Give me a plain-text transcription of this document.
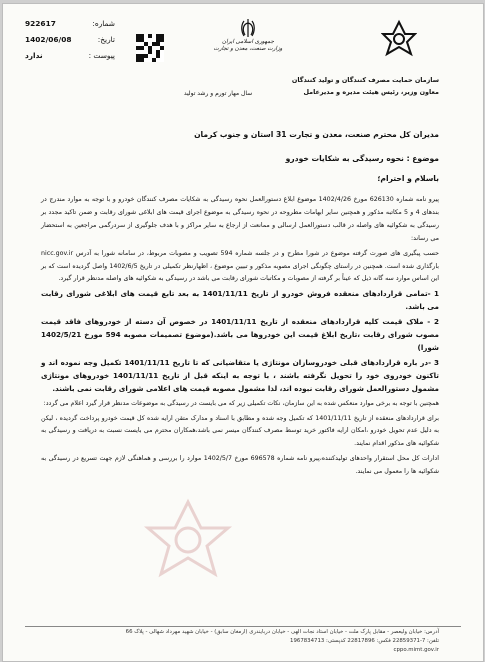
شماره:
922617
تاریخ:
1402/06/08
پیوست :
ندارد
جمهوری اسلامی ایران
وزارت صنعت، معدن و تجارت
سال مهار تورم و رشد تولید
سازمان حمایت مصرف کنندگان و تولید کنندگان
معاون وزیر، رئیس هیئت مدیره و مدیرعامل
مدیران کل محترم صنعت، معدن و تجارت 31 استان و جنوب کرمان
موضوع : نحوه رسیدگی به شکایات خودرو
باسلام و احترام؛

پیرو نامه شماره 626130 مورخ 1402/4/26 موضوع ابلاغ دستورالعمل نحوه رسیدگی به شکایات مصرف کنندگان خودرو و با توجه به موارد مندرج در بندهای 4 و 5 مکاتبه مذکور و همچنین سایر ابهامات مطروحه در نحوه رسیدگی به موضوع اجرای قیمت های ابلاغی شورای رقابت و ضمن تاکید مجدد بر رسیدگی به شکوائیه های واصله در قالب دستورالعمل ارسالی و ممانعت از ارجاع به سایر مراکز و با هدف جلوگیری از سردرگمی مراجعین به استحضار می رساند:

حسب پیگیری های صورت گرفته موضوع در شورا مطرح و در جلسه شماره 594 تصویب و مصوبات مربوط، در سامانه شورا به آدرس nicc.gov.ir بارگذاری شده است. همچنین در راستای چگونگی اجرای مصوبه مذکور و تبیین موضوع ، اظهارنظر تکمیلی در تاریخ 1402/6/5 واصل گردیده است که بر این اساس موارد سه گانه ذیل که عیناً بر گرفته از مصوبات و مکاتبات شورای رقابت می باشد در رسیدگی به شکوائیه های واصله مدنظر قرار گیرد.

1 -تمامی قراردادهای منعقده فروش خودرو از تاریخ 1401/11/11 به بعد تابع قیمت های ابلاغی شورای رقابت می باشد.

2 - ملاک قیمت کلیه قراردادهای منعقده از تاریخ 1401/11/11 در خصوص آن دسته از خودروهای فاقد قیمت مصوب شورای رقابت ،تاریخ ابلاغ قیمت این خودروها می باشد.(موضوع تصمیمات مصوبه 594 مورخ 1402/5/21 شورا)

3 -در باره قراردادهای قبلی خودروسازان مونتاژی یا متقاضیانی که تا تاریخ 1401/11/11 تکمیل وجه نموده اند و تاکنون خودروی خود را تحویل نگرفته باشند ، با توجه به اینکه قبل از تاریخ 1401/11/11 خودروهای مونتاژی مشمول دستورالعمل شورای رقابت نبوده اند، لذا مشمول مصوبه قیمت های اعلامی شورای رقابت نمی باشند.

همچنین با توجه به برخی موارد منعکس شده به این سازمان، نکات تکمیلی زیر که می بایست در رسیدگی به موضوعات مدنظر قرار گیرد اعلام می گردد:

برای قراردادهای منعقده از تاریخ 1401/11/11 که تکمیل وجه شده و مطابق با اسناد و مدارک متقن ارایه شده کل قیمت خودرو پرداخت گردیده ، لیکن به دلیل عدم تحویل خودرو ،امکان ارایه فاکتور خرید توسط مصرف کنندگان میسر نمی باشد،همکاران محترم می بایست نسبت به دریافت و رسیدگی به شکوائیه های مذکور اقدام نمایند.

ادارات کل محل استقرار واحدهای تولیدکننده،پیرو نامه شماره 696578 مورخ 1402/5/7 موارد را بررسی و هماهنگی لازم جهت تسریع در رسیدگی به شکوائیه ها را معمول می نمایند.

آدرس: خیابان ولیعصر - مقابل پارک ملت - خیابان استاد نجات الهی - خیابان دربایندری (ارمغان سابق) - خیابان شهید مهرداد شهالی - پلاک 66
تلفن: 7-22859371 فکس: 22817896 کدپستی: 1967834713
cppo.mimt.gov.ir
